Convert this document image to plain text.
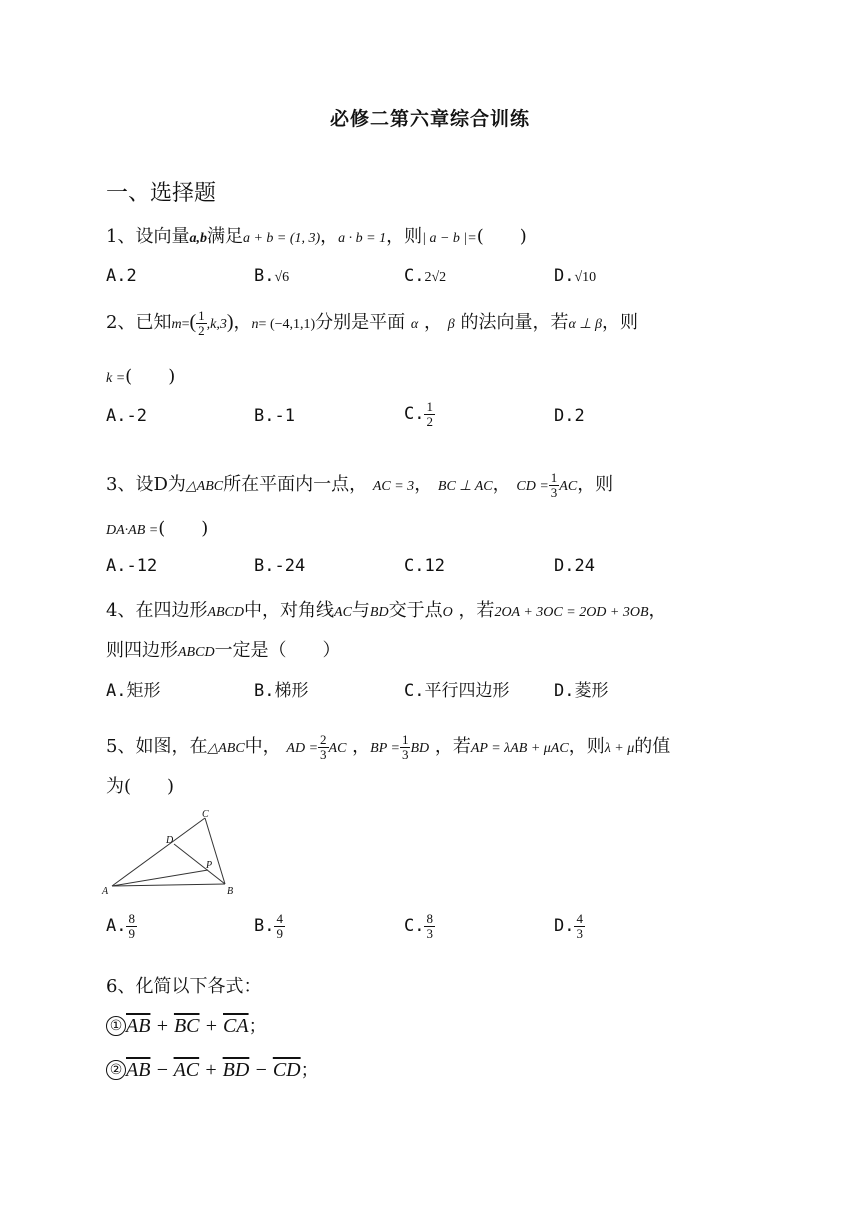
必修二第六章综合训练
一、选择题
1、设向量a,b满足a + b = (1, 3)，a · b = 1，则| a − b |=(　　)
A.2	B.√6	C.2√2	D.√10
2、已知$m=( \frac{1}{2} ,k,3)$，n= (−4,1,1)分别是平面 α ， β 的法向量，若α ⊥ β，则
k =(　　)
A.-2	B.-1	C. $\frac{1}{2}$	D.2
3、设D为△ABC所在平面内一点， AC = 3， BC ⊥ AC， CD = $\frac{1}{3}$ AC，则
DA·AB =(　　)
A.-12	B.-24	C.12	D.24
4、在四边形ABCD中，对角线AC与BD交于点O ，若2OA + 3OC = 2OD + 3OB，
则四边形ABCD一定是（　　）
A.矩形	B.梯形	C.平行四边形	D.菱形
5、如图，在△ABC中， AD = $\frac{2}{3}$ AC ，BP = $\frac{1}{3}$ BD ，若AP = λAB + μAC，则λ + μ的值
为(　　)
A	B
C
D
P
A. $\frac{8}{9}$	B. $\frac{4}{9}$	C. $\frac{8}{3}$	D. $\frac{4}{3}$
6、化简以下各式：
① $\overline{AB} + \overline{BC} + \overline{CA}$；
② $\overline{AB} - \overline{AC} + \overline{BD} - \overline{CD}$；
